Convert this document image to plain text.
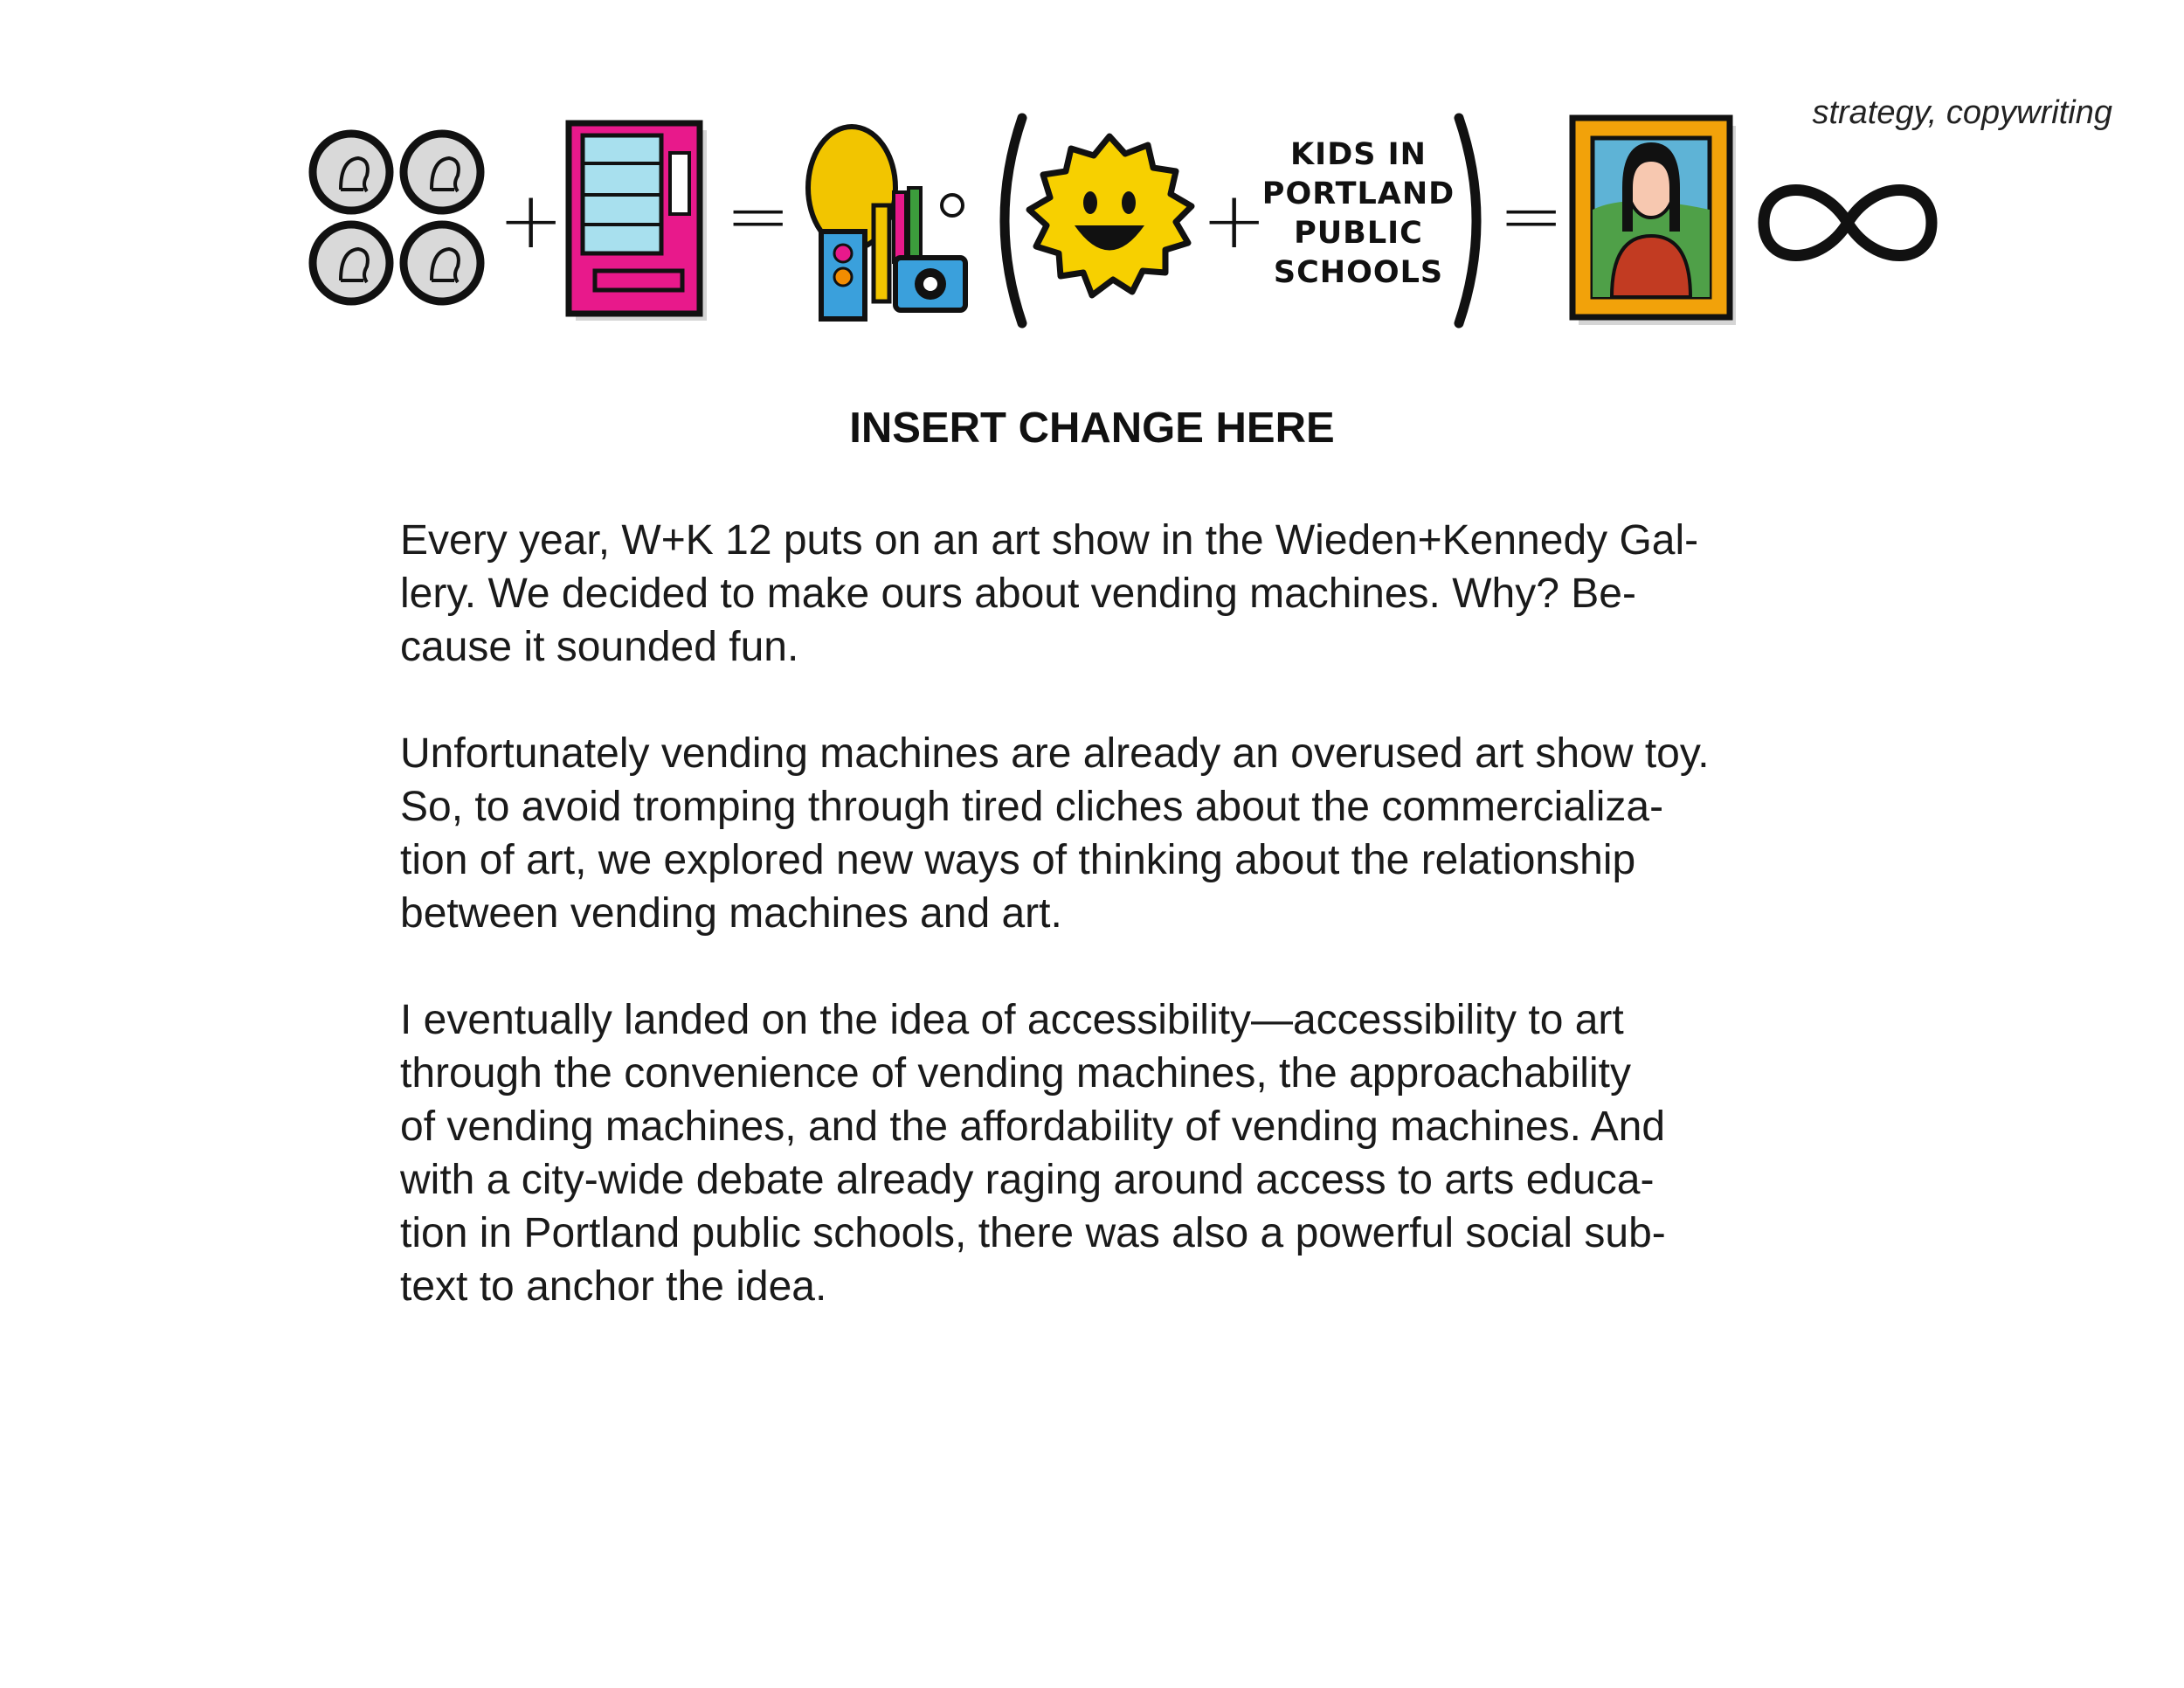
strategy, copywriting
+ =	+
KIDS IN
PORTLAND
PUBLIC
SCHOOLS
=
INSERT CHANGE HERE

Every year, W+K 12 puts on an art show in the Wieden+Kennedy Gal-
lery. We decided to make ours about vending machines. Why? Be-
cause it sounded fun.

Unfortunately vending machines are already an overused art show toy.
So, to avoid tromping through tired cliches about the commercializa-
tion of art, we explored new ways of thinking about the relationship
between vending machines and art.

I eventually landed on the idea of accessibility—accessibility to art
through the convenience of vending machines, the approachability
of vending machines, and the affordability of vending machines. And
with a city-wide debate already raging around access to arts educa-
tion in Portland public schools, there was also a powerful social sub-
text to anchor the idea.
